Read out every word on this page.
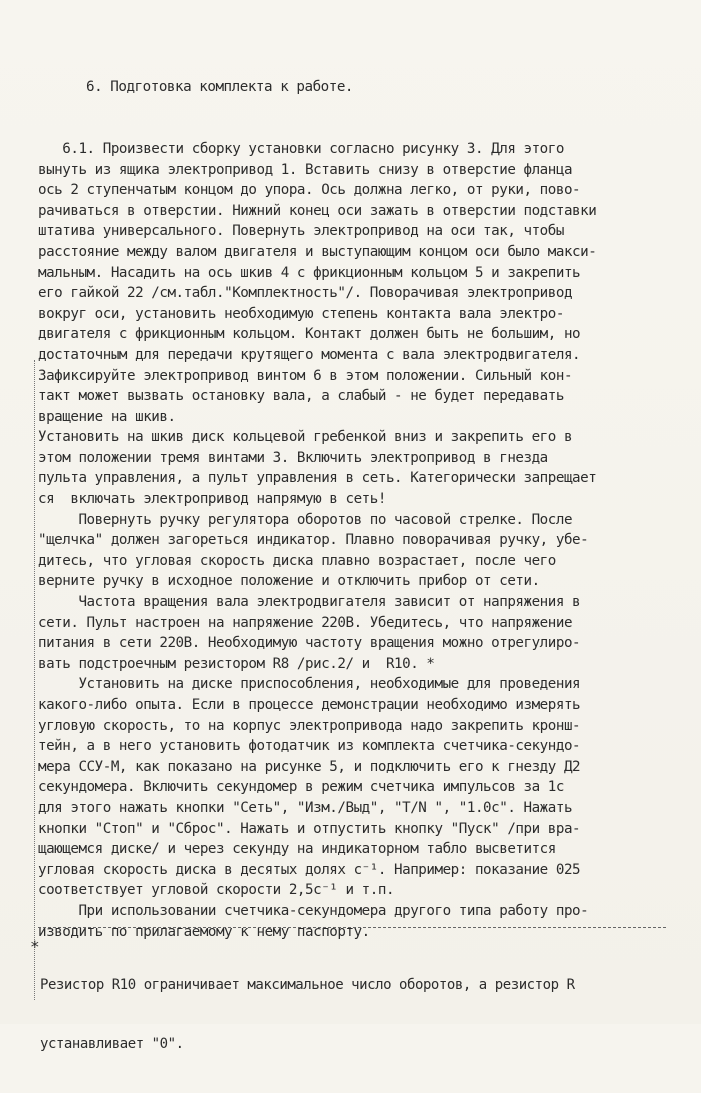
6. Подготовка комплекта к работе.

6.1. Произвести сборку установки согласно рисунку 3. Для этого
вынуть из ящика электропривод 1. Вставить снизу в отверстие фланца
ось 2 ступенчатым концом до упора. Ось должна легко, от руки, пово-
рачиваться в отверстии. Нижний конец оси зажать в отверстии подставки
штатива универсального. Повернуть электропривод на оси так, чтобы
расстояние между валом двигателя и выступающим концом оси было макси-
мальным. Насадить на ось шкив 4 с фрикционным кольцом 5 и закрепить
его гайкой 22 /см.табл."Комплектность"/. Поворачивая электропривод
вокруг оси, установить необходимую степень контакта вала электро-
двигателя с фрикционным кольцом. Контакт должен быть не большим, но
достаточным для передачи крутящего момента с вала электродвигателя.
Зафиксируйте электропривод винтом 6 в этом положении. Сильный кон-
такт может вызвать остановку вала, а слабый - не будет передавать
вращение на шкив.
Установить на шкив диск кольцевой гребенкой вниз и закрепить его в
этом положении тремя винтами 3. Включить электропривод в гнезда
пульта управления, а пульт управления в сеть. Категорически запрещает
ся  включать электропривод напрямую в сеть!
Повернуть ручку регулятора оборотов по часовой стрелке. После
"щелчка" должен загореться индикатор. Плавно поворачивая ручку, убе-
дитесь, что угловая скорость диска плавно возрастает, после чего
верните ручку в исходное положение и отключить прибор от сети.
Частота вращения вала электродвигателя зависит от напряжения в
сети. Пульт настроен на напряжение 220В. Убедитесь, что напряжение
питания в сети 220В. Необходимую частоту вращения можно отрегулиро-
вать подстроечным резистором R8 /рис.2/ и  R10. *
Установить на диске приспособления, необходимые для проведения
какого-либо опыта. Если в процессе демонстрации необходимо измерять
угловую скорость, то на корпус электропривода надо закрепить кронш-
тейн, а в него установить фотодатчик из комплекта счетчика-секундо-
мера ССУ-М, как показано на рисунке 5, и подключить его к гнезду Д2
секундомера. Включить секундомер в режим счетчика импульсов за 1с
для этого нажать кнопки "Сеть", "Изм./Выд", "Т/N ", "1.0с". Нажать
кнопки "Стоп" и "Сброс". Нажать и отпустить кнопку "Пуск" /при вра-
щающемся диске/ и через секунду на индикаторном табло высветится
угловая скорость диска в десятых долях с⁻¹. Например: показание 025
соответствует угловой скорости 2,5с⁻¹ и т.п.
При использовании счетчика-секундомера другого типа работу про-
изводить по прилагаемому к нему паспорту.

*

Резистор R10 ограничивает максимальное число оборотов, а резистор R

устанавливает "0".
